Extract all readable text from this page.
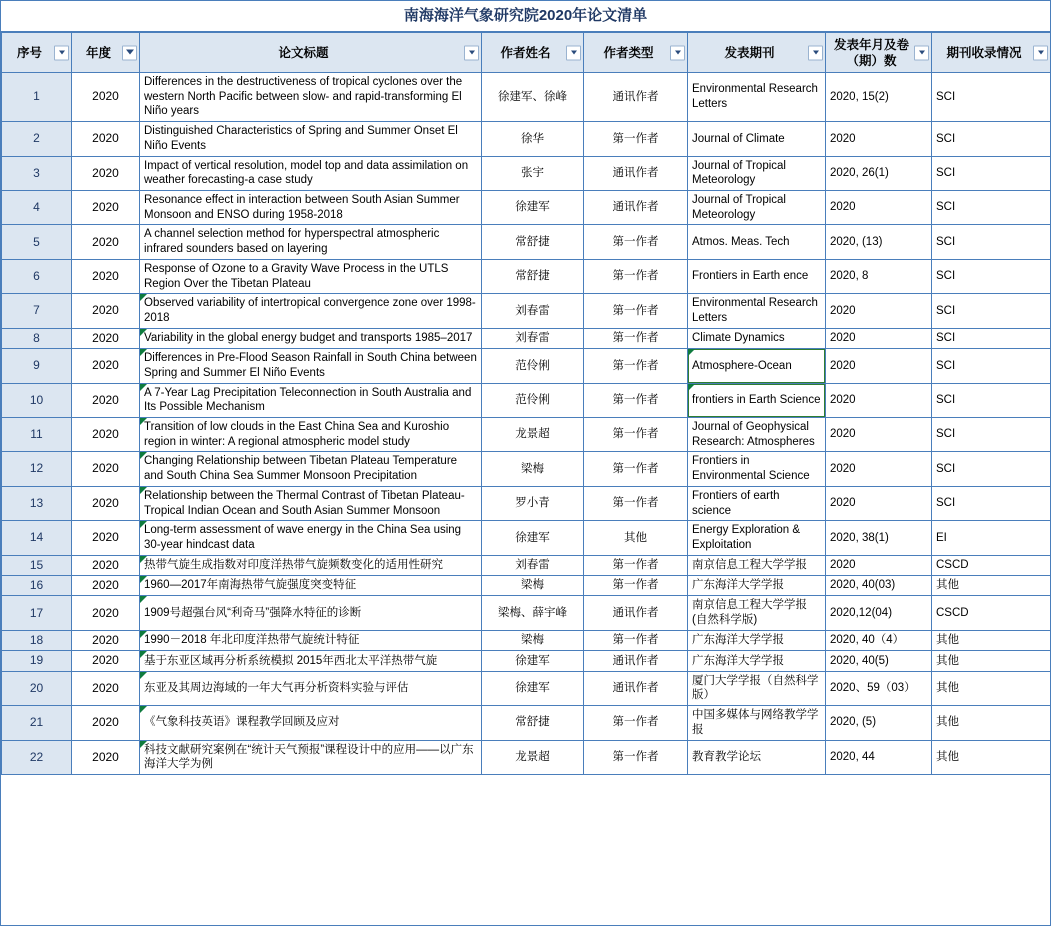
南海海洋气象研究院2020年论文清单
序号	年度	论文标题	作者姓名	作者类型	发表期刊	发表年月及卷（期）数	期刊收录情况

1	2020	Differences in the destructiveness of tropical cyclones over the western North Pacific between slow- and rapid-transforming El Niño years	徐建军、徐峰	通讯作者	Environmental Research Letters	2020, 15(2)	SCI
2	2020	Distinguished Characteristics of Spring and Summer Onset El Niño Events	徐华	第一作者	Journal of Climate	2020	SCI
3	2020	Impact of vertical resolution, model top and data assimilation on weather forecasting-a case study	张宇	通讯作者	Journal of Tropical Meteorology	2020, 26(1)	SCI
4	2020	Resonance effect in interaction between South Asian Summer Monsoon and ENSO during 1958-2018	徐建军	通讯作者	Journal of Tropical Meteorology	2020	SCI
5	2020	A channel selection method for hyperspectral atmospheric infrared sounders based on layering	常舒捷	第一作者	Atmos. Meas. Tech	2020, (13)	SCI
6	2020	Response of Ozone to a Gravity Wave Process in the UTLS Region Over the Tibetan Plateau	常舒捷	第一作者	Frontiers in Earth ence	2020, 8	SCI
7	2020	Observed variability of intertropical convergence zone over 1998-2018	刘春雷	第一作者	Environmental Research Letters	2020	SCI
8	2020	Variability in the global energy budget and transports 1985–2017	刘春雷	第一作者	Climate Dynamics	2020	SCI
9	2020	Differences in Pre-Flood Season Rainfall in South China between Spring and Summer El Niño Events	范伶俐	第一作者	Atmosphere-Ocean	2020	SCI
10	2020	A 7-Year Lag Precipitation Teleconnection in South Australia and Its Possible Mechanism	范伶俐	第一作者	frontiers in Earth Science	2020	SCI
11	2020	Transition of low clouds in the East China Sea and Kuroshio region in winter: A regional atmospheric model study	龙景超	第一作者	Journal of Geophysical Research: Atmospheres	2020	SCI
12	2020	Changing Relationship between Tibetan Plateau Temperature and South China Sea Summer Monsoon Precipitation	梁梅	第一作者	Frontiers in Environmental Science	2020	SCI
13	2020	Relationship between the Thermal Contrast of Tibetan Plateau-Tropical Indian Ocean and South Asian Summer Monsoon	罗小青	第一作者	Frontiers of earth science	2020	SCI
14	2020	Long-term assessment of wave energy in the China Sea using 30-year hindcast data	徐建军	其他	Energy Exploration & Exploitation	2020, 38(1)	EI
15	2020	热带气旋生成指数对印度洋热带气旋频数变化的适用性研究	刘春雷	第一作者	南京信息工程大学学报	2020	CSCD
16	2020	1960—2017年南海热带气旋强度突变特征	梁梅	第一作者	广东海洋大学学报	2020, 40(03)	其他
17	2020	1909号超强台风“利奇马”强降水特征的诊断	梁梅、薛宇峰	通讯作者	南京信息工程大学学报(自然科学版)	2020,12(04)	CSCD
18	2020	1990－2018 年北印度洋热带气旋统计特征	梁梅	第一作者	广东海洋大学学报	2020, 40（4）	其他
19	2020	基于东亚区域再分析系统模拟 2015年西北太平洋热带气旋	徐建军	通讯作者	广东海洋大学学报	2020, 40(5)	其他
20	2020	东亚及其周边海域的一年大气再分析资料实验与评估	徐建军	通讯作者	厦门大学学报（自然科学版）	2020、59（03）	其他
21	2020	《气象科技英语》课程教学回顾及应对	常舒捷	第一作者	中国多媒体与网络教学学报	2020, (5)	其他
22	2020	科技文献研究案例在“统计天气预报”课程设计中的应用——以广东海洋大学为例	龙景超	第一作者	教育教学论坛	2020, 44	其他
